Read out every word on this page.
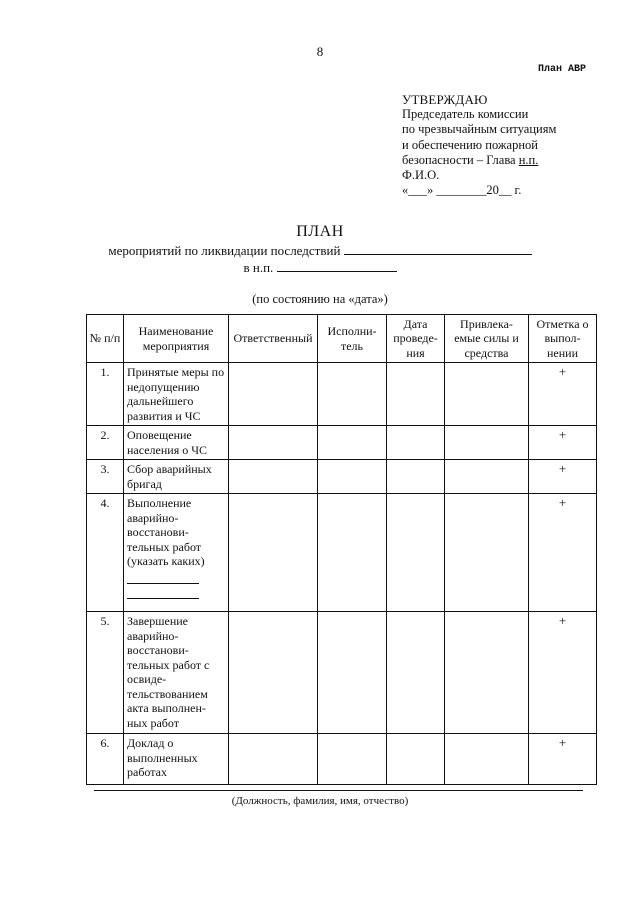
8
План АВР
УТВЕРЖДАЮ
Председатель комиссии
по чрезвычайным ситуациям
и обеспечению пожарной
безопасности – Глава н.п.
Ф.И.О.
«___» ________20__ г.
ПЛАН
мероприятий по ликвидации последствий
в н.п.
(по состоянию на «дата»)
№ п/п	Наименование мероприятия	Ответственный	Исполни-тель	Дата проведе-ния	Привлека-емые силы и средства	Отметка о выпол-нении
1.	Принятые меры по недопущению дальнейшего развития и ЧС					+
2.	Оповещение населения о ЧС					+
3.	Сбор аварийных бригад					+
4.	Выполнение аварийно-восстанови-тельных работ (указать каких)					+
5.	Завершение аварийно-восстанови-тельных работ с освиде-тельствованием акта выполнен-ных работ					+
6.	Доклад о выполненных работах					+
(Должность, фамилия, имя, отчество)
